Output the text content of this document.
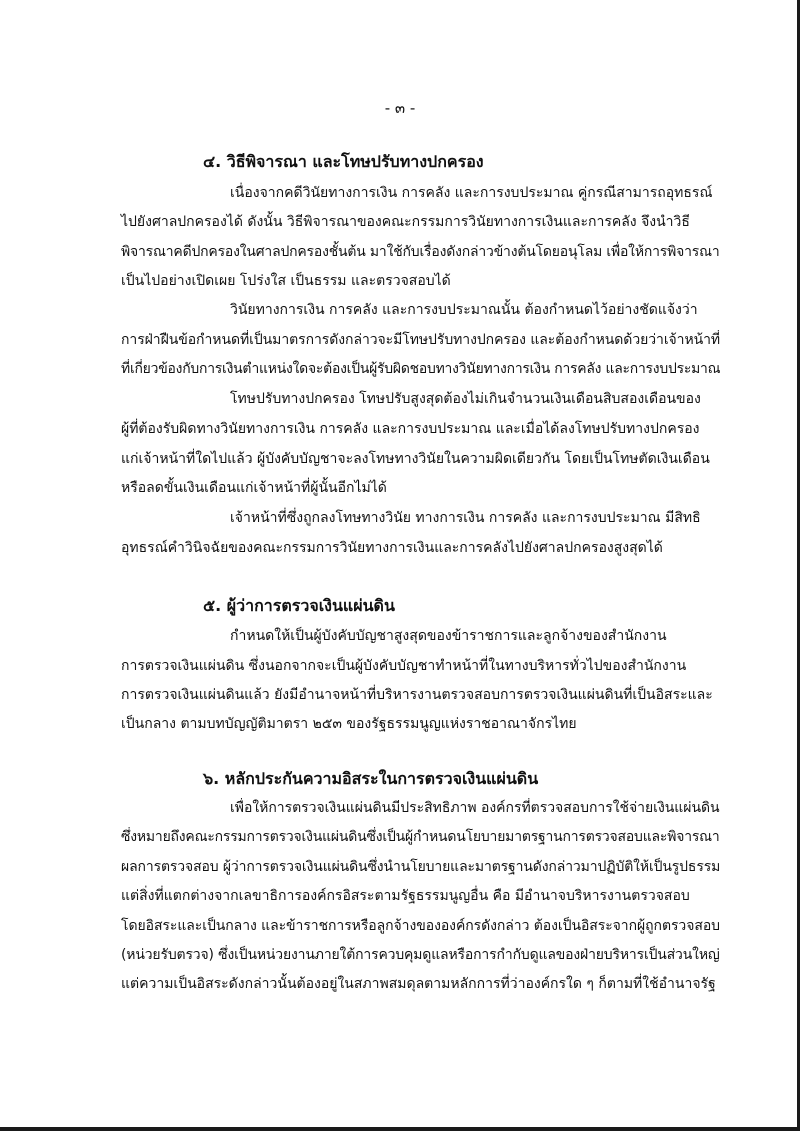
- ๓ -
๔. วิธีพิจารณา และโทษปรับทางปกครอง
เนื่องจากคดีวินัยทางการเงิน การคลัง และการงบประมาณ คู่กรณีสามารถอุทธรณ์
ไปยังศาลปกครองได้ ดังนั้น วิธีพิจารณาของคณะกรรมการวินัยทางการเงินและการคลัง จึงนำวิธี
พิจารณาคดีปกครองในศาลปกครองชั้นต้น มาใช้กับเรื่องดังกล่าวข้างต้นโดยอนุโลม เพื่อให้การพิจารณา
เป็นไปอย่างเปิดเผย โปร่งใส เป็นธรรม และตรวจสอบได้
วินัยทางการเงิน การคลัง และการงบประมาณนั้น ต้องกำหนดไว้อย่างชัดแจ้งว่า
การฝ่าฝืนข้อกำหนดที่เป็นมาตรการดังกล่าวจะมีโทษปรับทางปกครอง และต้องกำหนดด้วยว่าเจ้าหน้าที่
ที่เกี่ยวข้องกับการเงินตำแหน่งใดจะต้องเป็นผู้รับผิดชอบทางวินัยทางการเงิน การคลัง และการงบประมาณ
โทษปรับทางปกครอง โทษปรับสูงสุดต้องไม่เกินจำนวนเงินเดือนสิบสองเดือนของ
ผู้ที่ต้องรับผิดทางวินัยทางการเงิน การคลัง และการงบประมาณ และเมื่อได้ลงโทษปรับทางปกครอง
แก่เจ้าหน้าที่ใดไปแล้ว ผู้บังคับบัญชาจะลงโทษทางวินัยในความผิดเดียวกัน โดยเป็นโทษตัดเงินเดือน
หรือลดขั้นเงินเดือนแก่เจ้าหน้าที่ผู้นั้นอีกไม่ได้
เจ้าหน้าที่ซึ่งถูกลงโทษทางวินัย ทางการเงิน การคลัง และการงบประมาณ มีสิทธิ
อุทธรณ์คำวินิจฉัยของคณะกรรมการวินัยทางการเงินและการคลังไปยังศาลปกครองสูงสุดได้
๕. ผู้ว่าการตรวจเงินแผ่นดิน
กำหนดให้เป็นผู้บังคับบัญชาสูงสุดของข้าราชการและลูกจ้างของสำนักงาน
การตรวจเงินแผ่นดิน ซึ่งนอกจากจะเป็นผู้บังคับบัญชาทำหน้าที่ในทางบริหารทั่วไปของสำนักงาน
การตรวจเงินแผ่นดินแล้ว ยังมีอำนาจหน้าที่บริหารงานตรวจสอบการตรวจเงินแผ่นดินที่เป็นอิสระและ
เป็นกลาง ตามบทบัญญัติมาตรา ๒๕๓ ของรัฐธรรมนูญแห่งราชอาณาจักรไทย
๖. หลักประกันความอิสระในการตรวจเงินแผ่นดิน
เพื่อให้การตรวจเงินแผ่นดินมีประสิทธิภาพ องค์กรที่ตรวจสอบการใช้จ่ายเงินแผ่นดิน
ซึ่งหมายถึงคณะกรรมการตรวจเงินแผ่นดินซึ่งเป็นผู้กำหนดนโยบายมาตรฐานการตรวจสอบและพิจารณา
ผลการตรวจสอบ ผู้ว่าการตรวจเงินแผ่นดินซึ่งนำนโยบายและมาตรฐานดังกล่าวมาปฏิบัติให้เป็นรูปธรรม
แต่สิ่งที่แตกต่างจากเลขาธิการองค์กรอิสระตามรัฐธรรมนูญอื่น คือ มีอำนาจบริหารงานตรวจสอบ
โดยอิสระและเป็นกลาง และข้าราชการหรือลูกจ้างขององค์กรดังกล่าว ต้องเป็นอิสระจากผู้ถูกตรวจสอบ
(หน่วยรับตรวจ) ซึ่งเป็นหน่วยงานภายใต้การควบคุมดูแลหรือการกำกับดูแลของฝ่ายบริหารเป็นส่วนใหญ่
แต่ความเป็นอิสระดังกล่าวนั้นต้องอยู่ในสภาพสมดุลตามหลักการที่ว่าองค์กรใด ๆ ก็ตามที่ใช้อำนาจรัฐ
